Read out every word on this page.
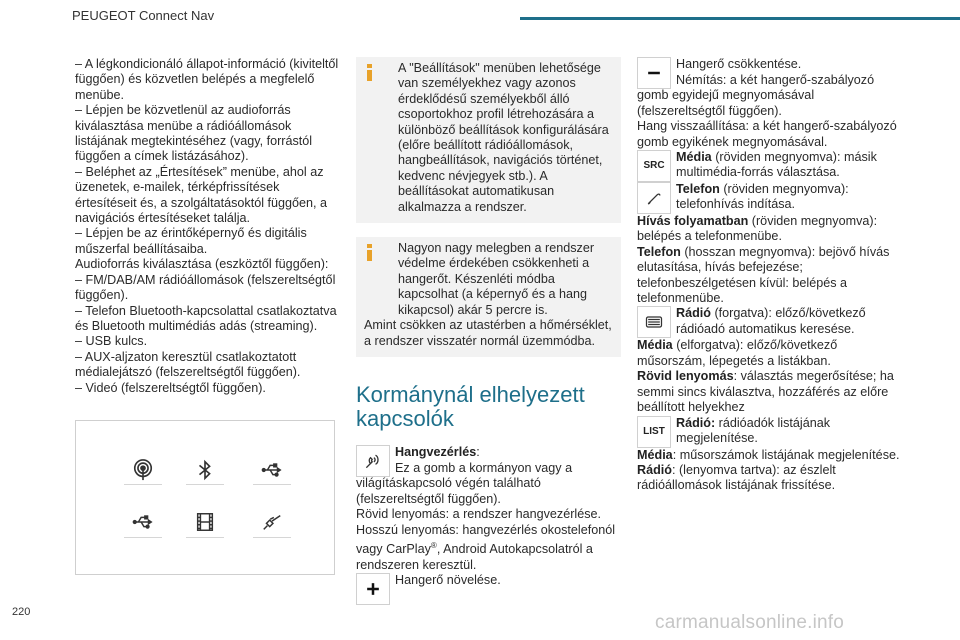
PEUGEOT Connect Nav

– A légkondicionáló állapot-információ (kiviteltől függően) és közvetlen belépés a megfelelő menübe.

– Lépjen be közvetlenül az audioforrás kiválasztása menübe a rádióállomások listájának megtekintéséhez (vagy, forrástól függően a címek listázásához).

– Beléphet az „Értesítések” menübe, ahol az üzenetek, e-mailek, térképfrissítések értesítéseit és, a szolgáltatásoktól függően, a navigációs értesítéseket találja.

– Lépjen be az érintőképernyő és digitális műszerfal beállításaiba.

Audioforrás kiválasztása (eszköztől függően):

– FM/DAB/AM rádióállomások (felszereltségtől függően).

– Telefon Bluetooth-kapcsolattal csatlakoztatva és Bluetooth multimédiás adás (streaming).

– USB kulcs.

– AUX-aljzaton keresztül csatlakoztatott médialejátszó (felszereltségtől függően).

– Videó (felszereltségtől függően).

A "Beállítások" menüben lehetősége van személyekhez vagy azonos érdeklődésű személyekből álló csoportokhoz profil létrehozására a különböző beállítások konfigurálására (előre beállított rádióállomások, hangbeállítások, navigációs történet, kedvenc névjegyek stb.). A beállításokat automatikusan alkalmazza a rendszer.

Nagyon nagy melegben a rendszer védelme érdekében csökkenheti a hangerőt. Készenléti módba kapcsolhat (a képernyő és a hang kikapcsol) akár 5 percre is.

Amint csökken az utastérben a hőmérséklet, a rendszer visszatér normál üzemmódba.

Kormánynál elhelyezett kapcsolók

Hangvezérlés:

Ez a gomb a kormányon vagy a világításkapcsoló végén található (felszereltségtől függően).

Rövid lenyomás: a rendszer hangvezérlése.

Hosszú lenyomás: hangvezérlés okostelefonól vagy CarPlay®, Android Autokapcsolatról a rendszeren keresztül.

Hangerő növelése.

Hangerő csökkentése.

Némítás: a két hangerő-szabályozó gomb egyidejű megnyomásával (felszereltségtől függően).

Hang visszaállítása: a két hangerő-szabályozó gomb egyikének megnyomásával.

SRC

Média (röviden megnyomva): másik multimédia-forrás választása.

Telefon (röviden megnyomva): telefonhívás indítása.

Hívás folyamatban (röviden megnyomva): belépés a telefonmenübe.

Telefon (hosszan megnyomva): bejövő hívás elutasítása, hívás befejezése; telefonbeszélgetésen kívül: belépés a telefonmenübe.

Rádió (forgatva): előző/következő rádióadó automatikus keresése.

Média (elforgatva): előző/következő műsorszám, lépegetés a listákban.

Rövid lenyomás: választás megerősítése; ha semmi sincs kiválasztva, hozzáférés az előre beállított helyekhez

LIST

Rádió: rádióadók listájának megjelenítése.

Média: műsorszámok listájának megjelenítése.

Rádió: (lenyomva tartva): az észlelt rádióállomások listájának frissítése.

220	carmanualsonline.info
